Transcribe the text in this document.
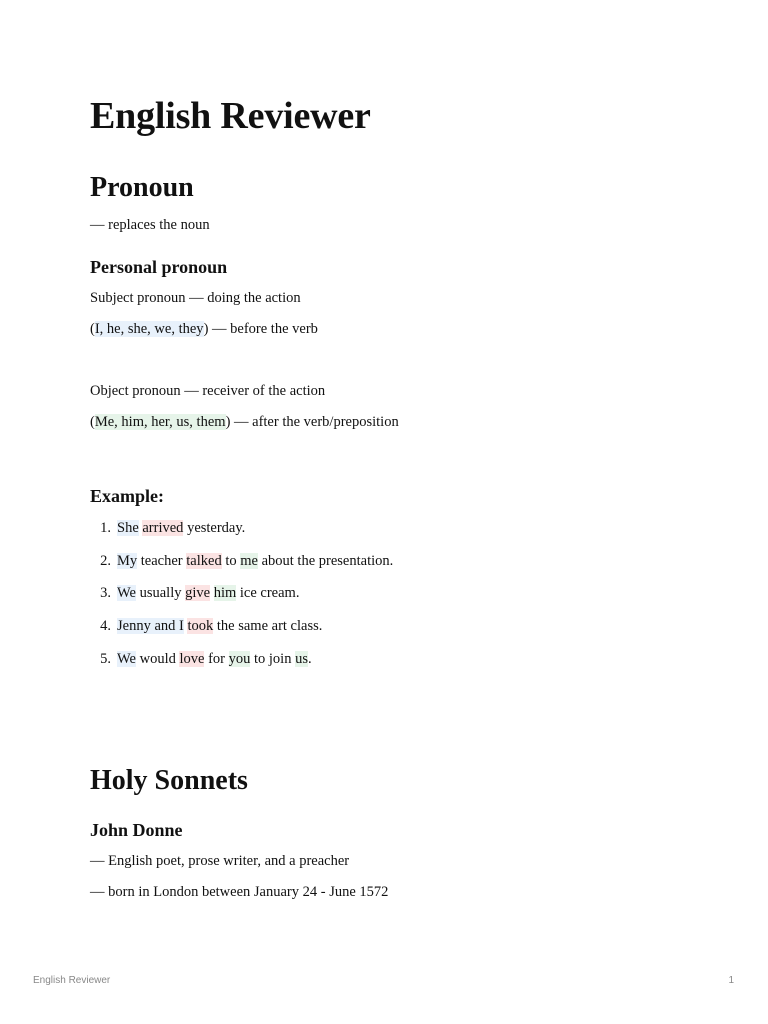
English Reviewer
Pronoun
— replaces the noun
Personal pronoun
Subject pronoun — doing the action
(I, he, she, we, they) — before the verb
Object pronoun — receiver of the action
(Me, him, her, us, them) — after the verb/preposition
Example:
1. She arrived yesterday.
2. My teacher talked to me about the presentation.
3. We usually give him ice cream.
4. Jenny and I took the same art class.
5. We would love for you to join us.
Holy Sonnets
John Donne
— English poet, prose writer, and a preacher
— born in London between January 24 - June 1572
English Reviewer	1
